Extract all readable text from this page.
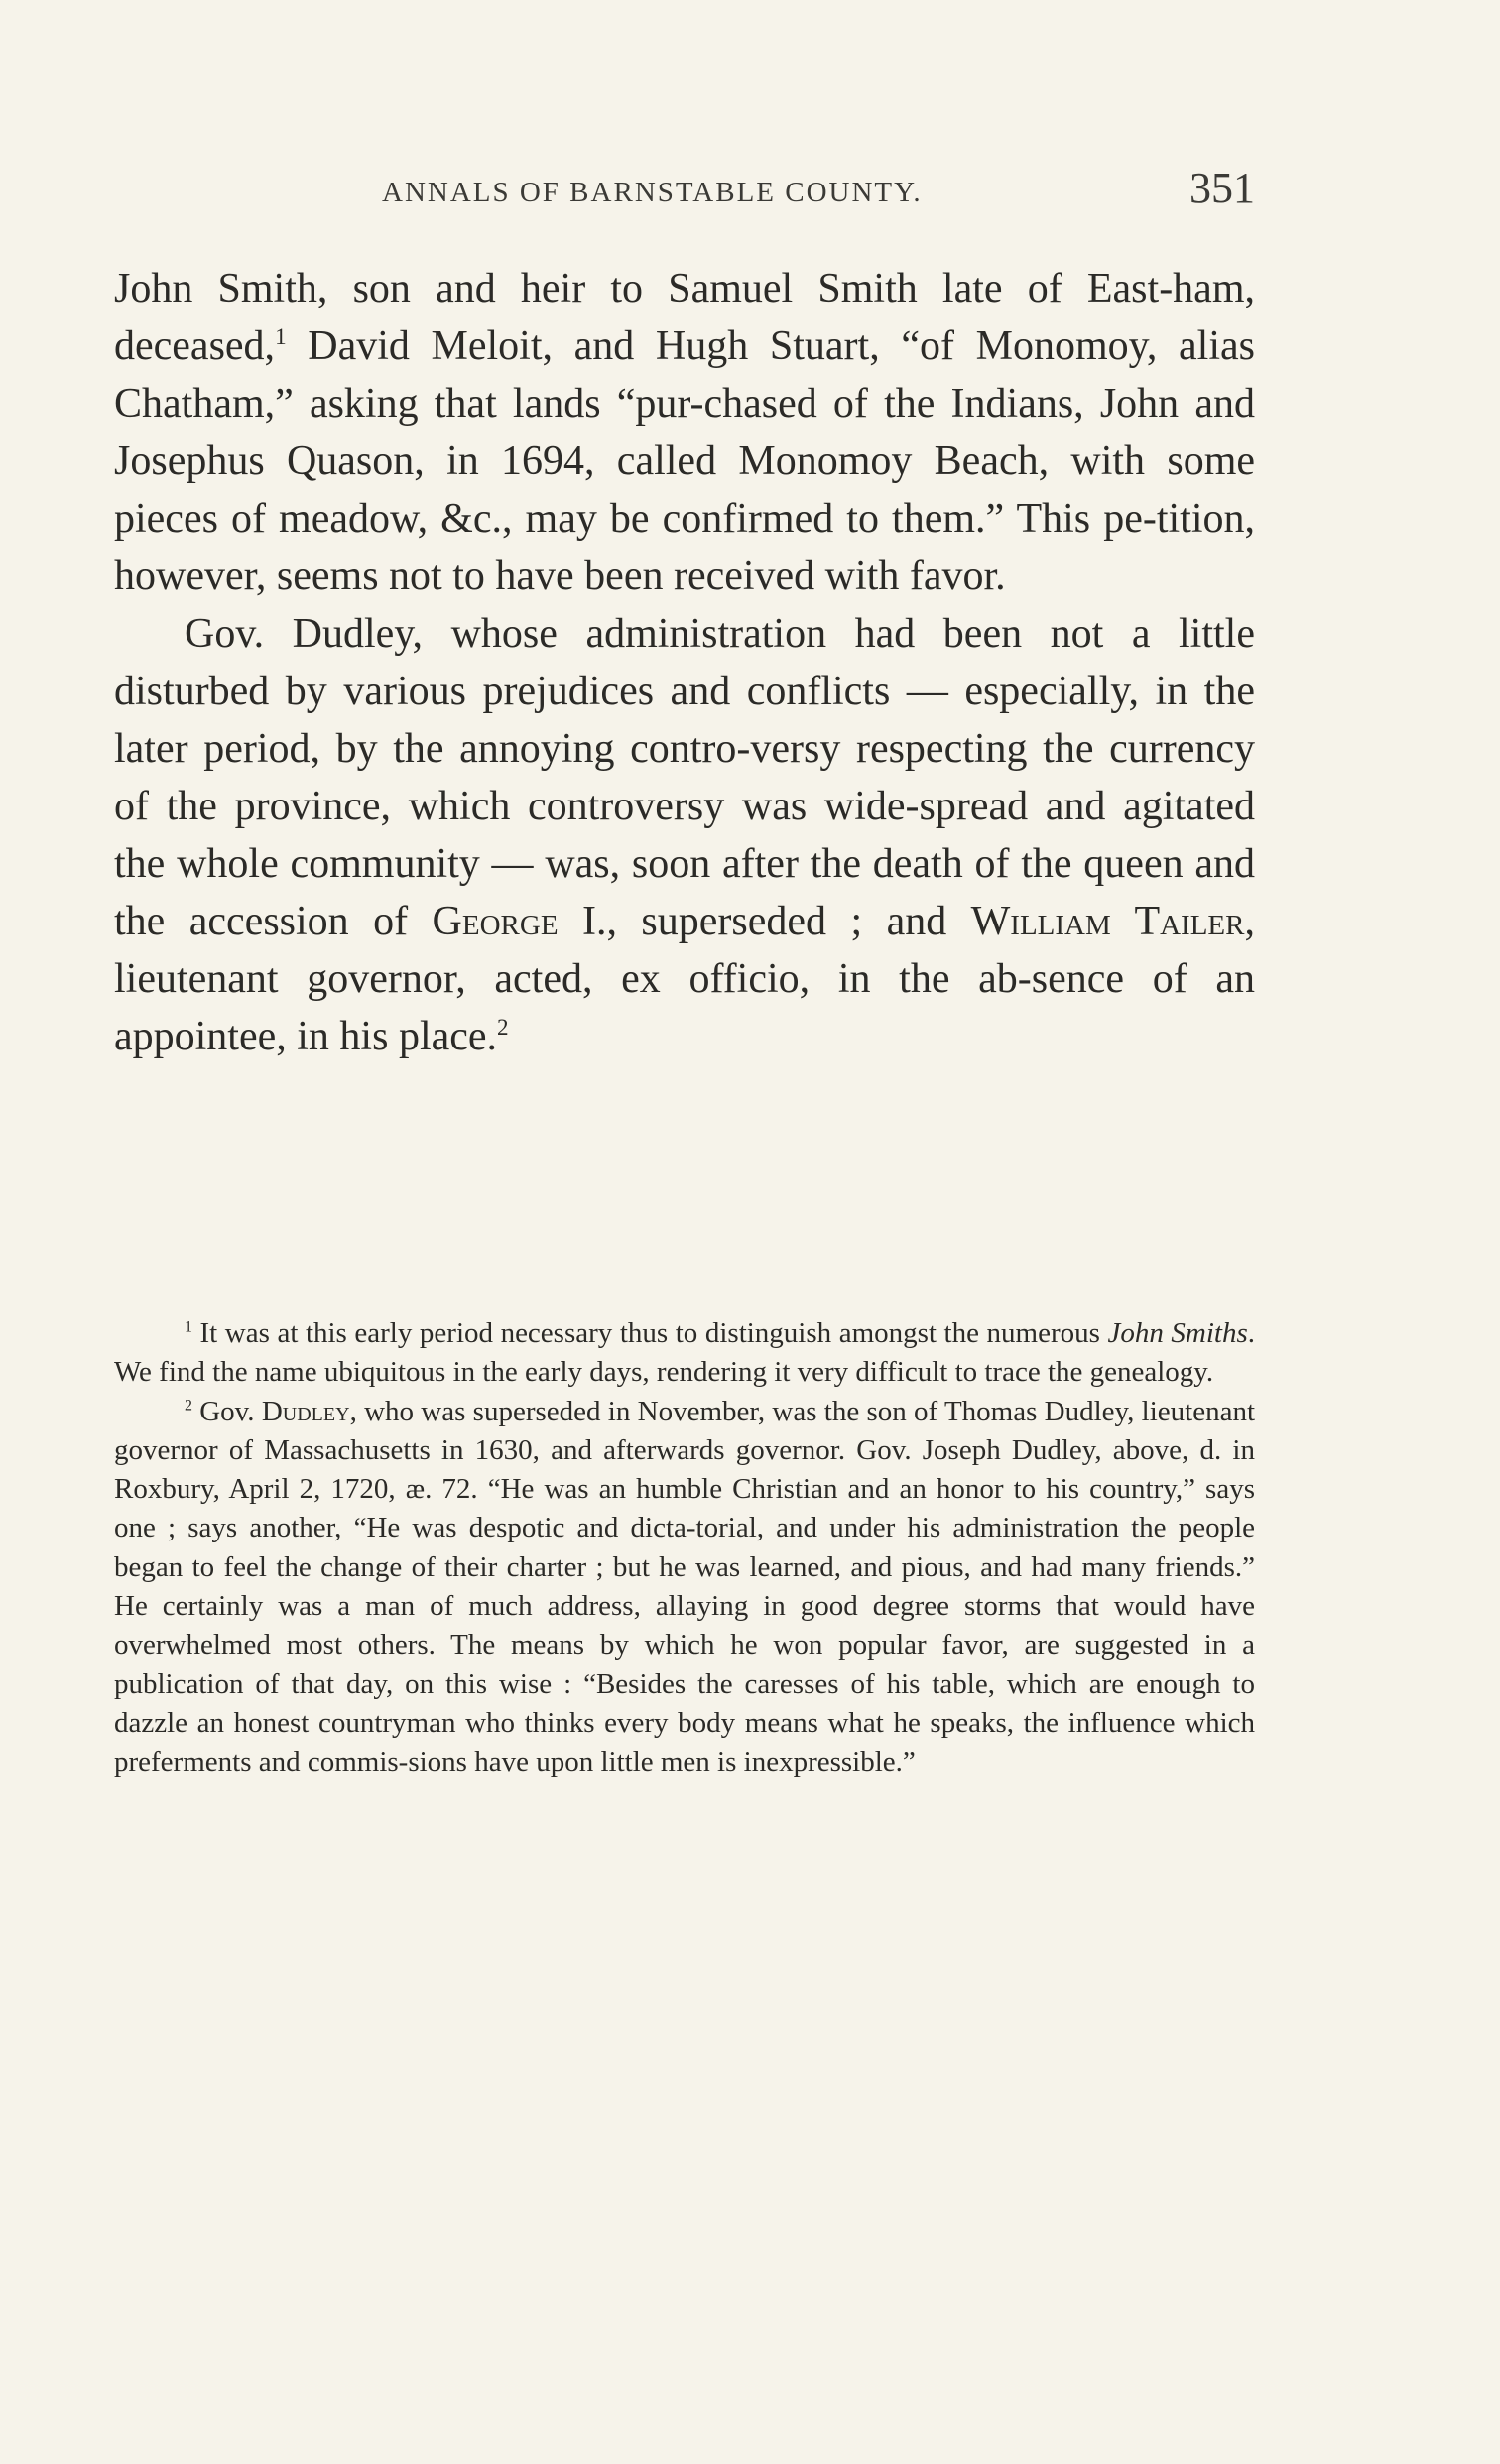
ANNALS OF BARNSTABLE COUNTY.	351

John Smith, son and heir to Samuel Smith late of East-ham, deceased,$^1$ David Meloit, and Hugh Stuart, “of Monomoy, alias Chatham,” asking that lands “pur-chased of the Indians, John and Josephus Quason, in 1694, called Monomoy Beach, with some pieces of meadow, &c., may be confirmed to them.” This pe-tition, however, seems not to have been received with favor.

Gov. Dudley, whose administration had been not a little disturbed by various prejudices and conflicts — especially, in the later period, by the annoying contro-versy respecting the currency of the province, which controversy was wide-spread and agitated the whole community — was, soon after the death of the queen and the accession of George I., superseded ; and William Tailer, lieutenant governor, acted, ex officio, in the ab-sence of an appointee, in his place.$^2$

$^1$ It was at this early period necessary thus to distinguish amongst the numerous John Smiths. We find the name ubiquitous in the early days, rendering it very difficult to trace the genealogy.

$^2$ Gov. Dudley, who was superseded in November, was the son of Thomas Dudley, lieutenant governor of Massachusetts in 1630, and afterwards governor. Gov. Joseph Dudley, above, d. in Roxbury, April 2, 1720, æ. 72. “He was an humble Christian and an honor to his country,” says one ; says another, “He was despotic and dicta-torial, and under his administration the people began to feel the change of their charter ; but he was learned, and pious, and had many friends.” He certainly was a man of much address, allaying in good degree storms that would have overwhelmed most others. The means by which he won popular favor, are suggested in a publication of that day, on this wise : “Besides the caresses of his table, which are enough to dazzle an honest countryman who thinks every body means what he speaks, the influence which preferments and commis-sions have upon little men is inexpressible.”
